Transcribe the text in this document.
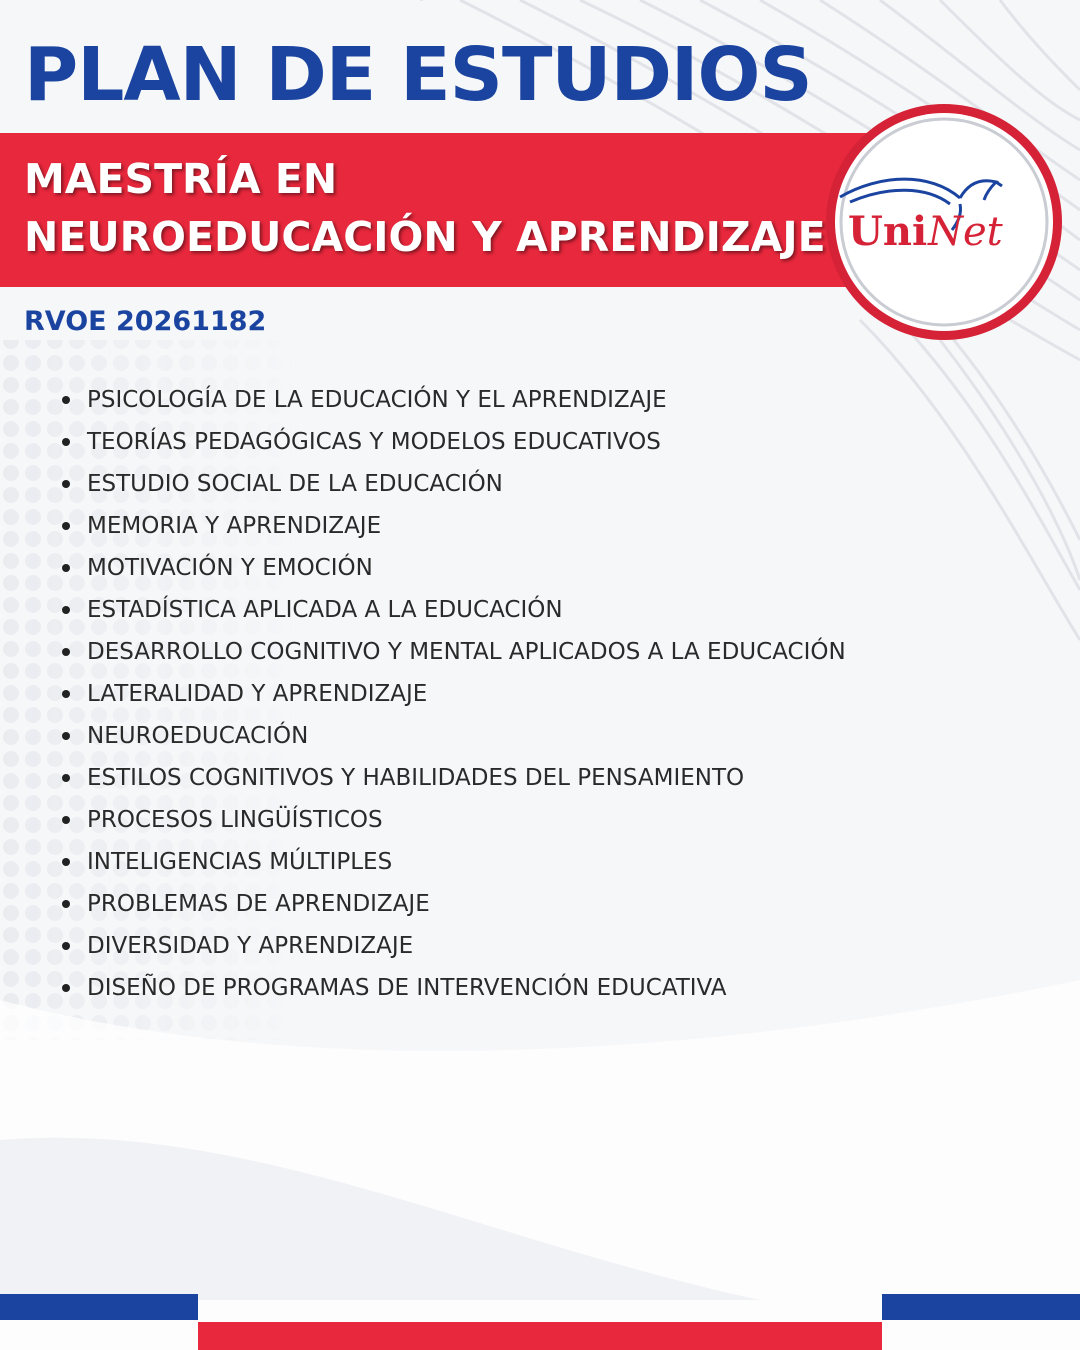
PLAN DE ESTUDIOS
MAESTRÍA EN
NEUROEDUCACIÓN Y APRENDIZAJE
RVOE 20261182
Uni Net
PSICOLOGÍA DE LA EDUCACIÓN Y EL APRENDIZAJE
TEORÍAS PEDAGÓGICAS Y MODELOS EDUCATIVOS
ESTUDIO SOCIAL DE LA EDUCACIÓN
MEMORIA Y APRENDIZAJE
MOTIVACIÓN Y EMOCIÓN
ESTADÍSTICA APLICADA A LA EDUCACIÓN
DESARROLLO COGNITIVO Y MENTAL APLICADOS A LA EDUCACIÓN
LATERALIDAD Y APRENDIZAJE
NEUROEDUCACIÓN
ESTILOS COGNITIVOS Y HABILIDADES DEL PENSAMIENTO
PROCESOS LINGÜÍSTICOS
INTELIGENCIAS MÚLTIPLES
PROBLEMAS DE APRENDIZAJE
DIVERSIDAD Y APRENDIZAJE
DISEÑO DE PROGRAMAS DE INTERVENCIÓN EDUCATIVA
